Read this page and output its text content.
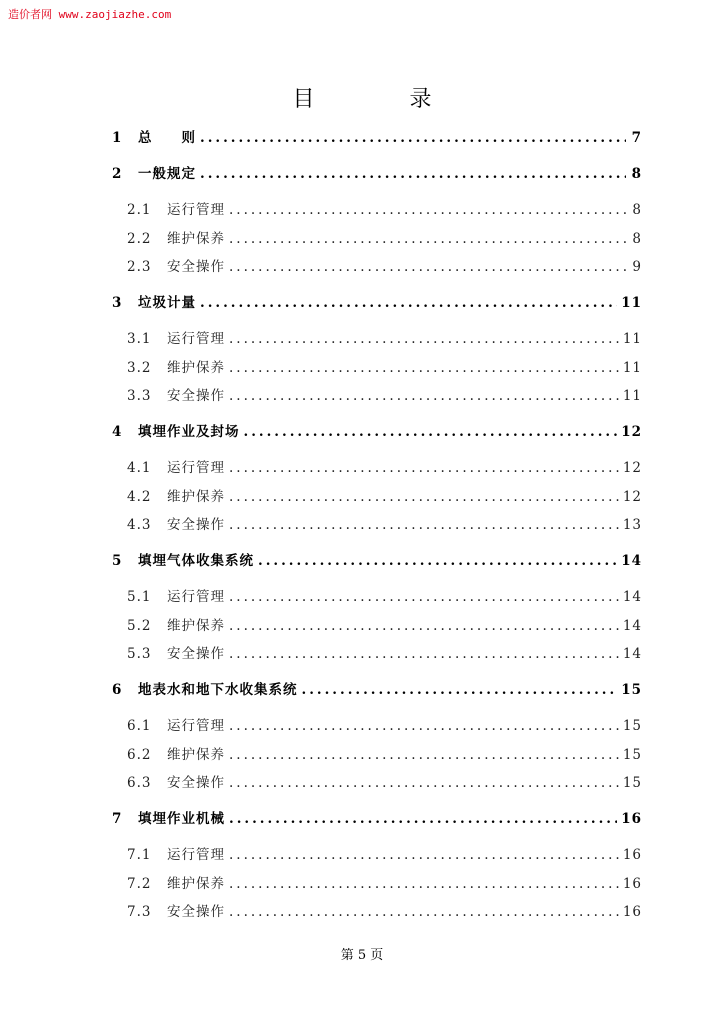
造价者网 www.zaojiazhe.com
目 录
1	总　　则 .....	7
2	一般规定 .....	8
2.1	运行管理 .....	8
2.2	维护保养 .....	8
2.3	安全操作 .....	9
3	垃圾计量 .....	11
3.1	运行管理 .....	11
3.2	维护保养 .....	11
3.3	安全操作 .....	11
4	填埋作业及封场 .....	12
4.1	运行管理 .....	12
4.2	维护保养 .....	12
4.3	安全操作 .....	13
5	填埋气体收集系统 .....	14
5.1	运行管理 .....	14
5.2	维护保养 .....	14
5.3	安全操作 .....	14
6	地表水和地下水收集系统 .....	15
6.1	运行管理 .....	15
6.2	维护保养 .....	15
6.3	安全操作 .....	15
7	填埋作业机械 .....	16
7.1	运行管理 .....	16
7.2	维护保养 .....	16
7.3	安全操作 .....	16
第 5 页
